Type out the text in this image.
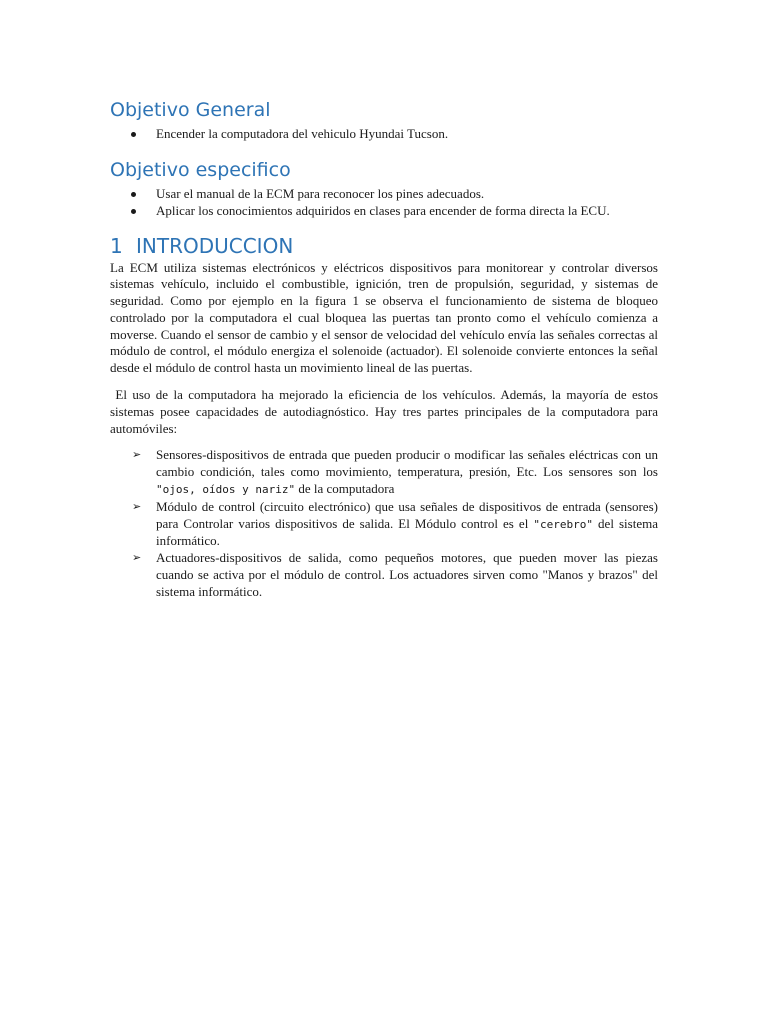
Objetivo General
Encender la computadora del vehiculo Hyundai Tucson.
Objetivo especifico
Usar el manual de la ECM para reconocer los pines adecuados.
Aplicar los conocimientos adquiridos en clases para encender de forma directa la ECU.
1 INTRODUCCION

La ECM utiliza sistemas electrónicos y eléctricos dispositivos para monitorear y controlar diversos sistemas vehículo, incluido el combustible, ignición, tren de propulsión, seguridad, y sistemas de seguridad. Como por ejemplo en la figura 1 se observa el funcionamiento de sistema de bloqueo controlado por la computadora el cual bloquea las puertas tan pronto como el vehículo comienza a moverse. Cuando el sensor de cambio y el sensor de velocidad del vehículo envía las señales correctas al módulo de control, el módulo energiza el solenoide (actuador). El solenoide convierte entonces la señal desde el módulo de control hasta un movimiento lineal de las puertas.

El uso de la computadora ha mejorado la eficiencia de los vehículos. Además, la mayoría de estos sistemas posee capacidades de autodiagnóstico. Hay tres partes principales de la computadora para automóviles:

➢ Sensores-dispositivos de entrada que pueden producir o modificar las señales eléctricas con un cambio condición, tales como movimiento, temperatura, presión, Etc. Los sensores son los "ojos, oídos y nariz" de la computadora
➢ Módulo de control (circuito electrónico) que usa señales de dispositivos de entrada (sensores) para Controlar varios dispositivos de salida. El Módulo control es el "cerebro" del sistema informático.
➢ Actuadores-dispositivos de salida, como pequeños motores, que pueden mover las piezas cuando se activa por el módulo de control. Los actuadores sirven como "Manos y brazos" del sistema informático.
